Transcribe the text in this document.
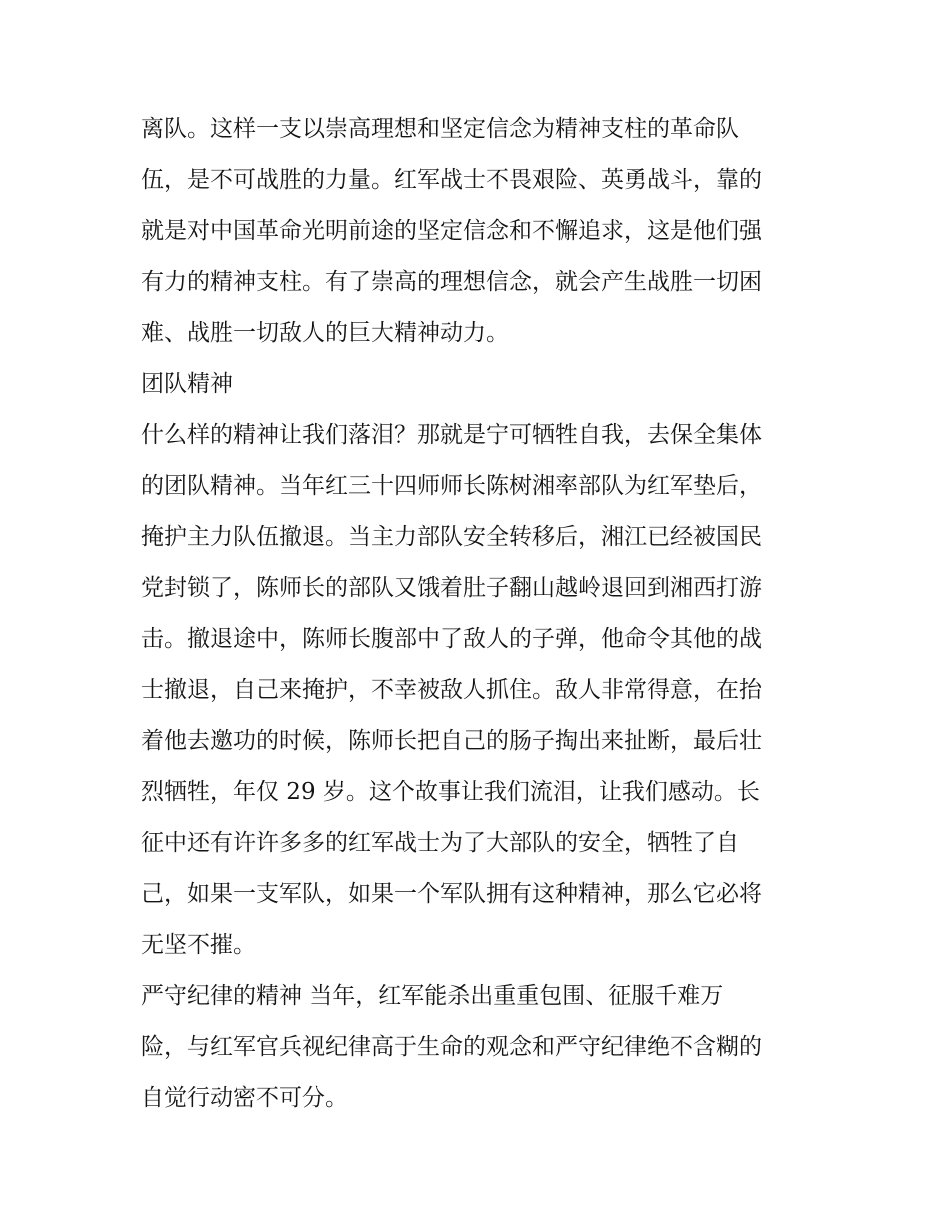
离队。这样一支以崇高理想和坚定信念为精神支柱的革命队
伍，是不可战胜的力量。红军战士不畏艰险、英勇战斗，靠的
就是对中国革命光明前途的坚定信念和不懈追求，这是他们强
有力的精神支柱。有了崇高的理想信念，就会产生战胜一切困
难、战胜一切敌人的巨大精神动力。
团队精神
什么样的精神让我们落泪？那就是宁可牺牲自我，去保全集体
的团队精神。当年红三十四师师长陈树湘率部队为红军垫后，
掩护主力队伍撤退。当主力部队安全转移后，湘江已经被国民
党封锁了，陈师长的部队又饿着肚子翻山越岭退回到湘西打游
击。撤退途中，陈师长腹部中了敌人的子弹，他命令其他的战
士撤退，自己来掩护，不幸被敌人抓住。敌人非常得意，在抬
着他去邀功的时候，陈师长把自己的肠子掏出来扯断，最后壮
烈牺牲，年仅 29 岁。这个故事让我们流泪，让我们感动。长
征中还有许许多多的红军战士为了大部队的安全，牺牲了自
己，如果一支军队，如果一个军队拥有这种精神，那么它必将
无坚不摧。
严守纪律的精神 当年，红军能杀出重重包围、征服千难万
险，与红军官兵视纪律高于生命的观念和严守纪律绝不含糊的
自觉行动密不可分。
